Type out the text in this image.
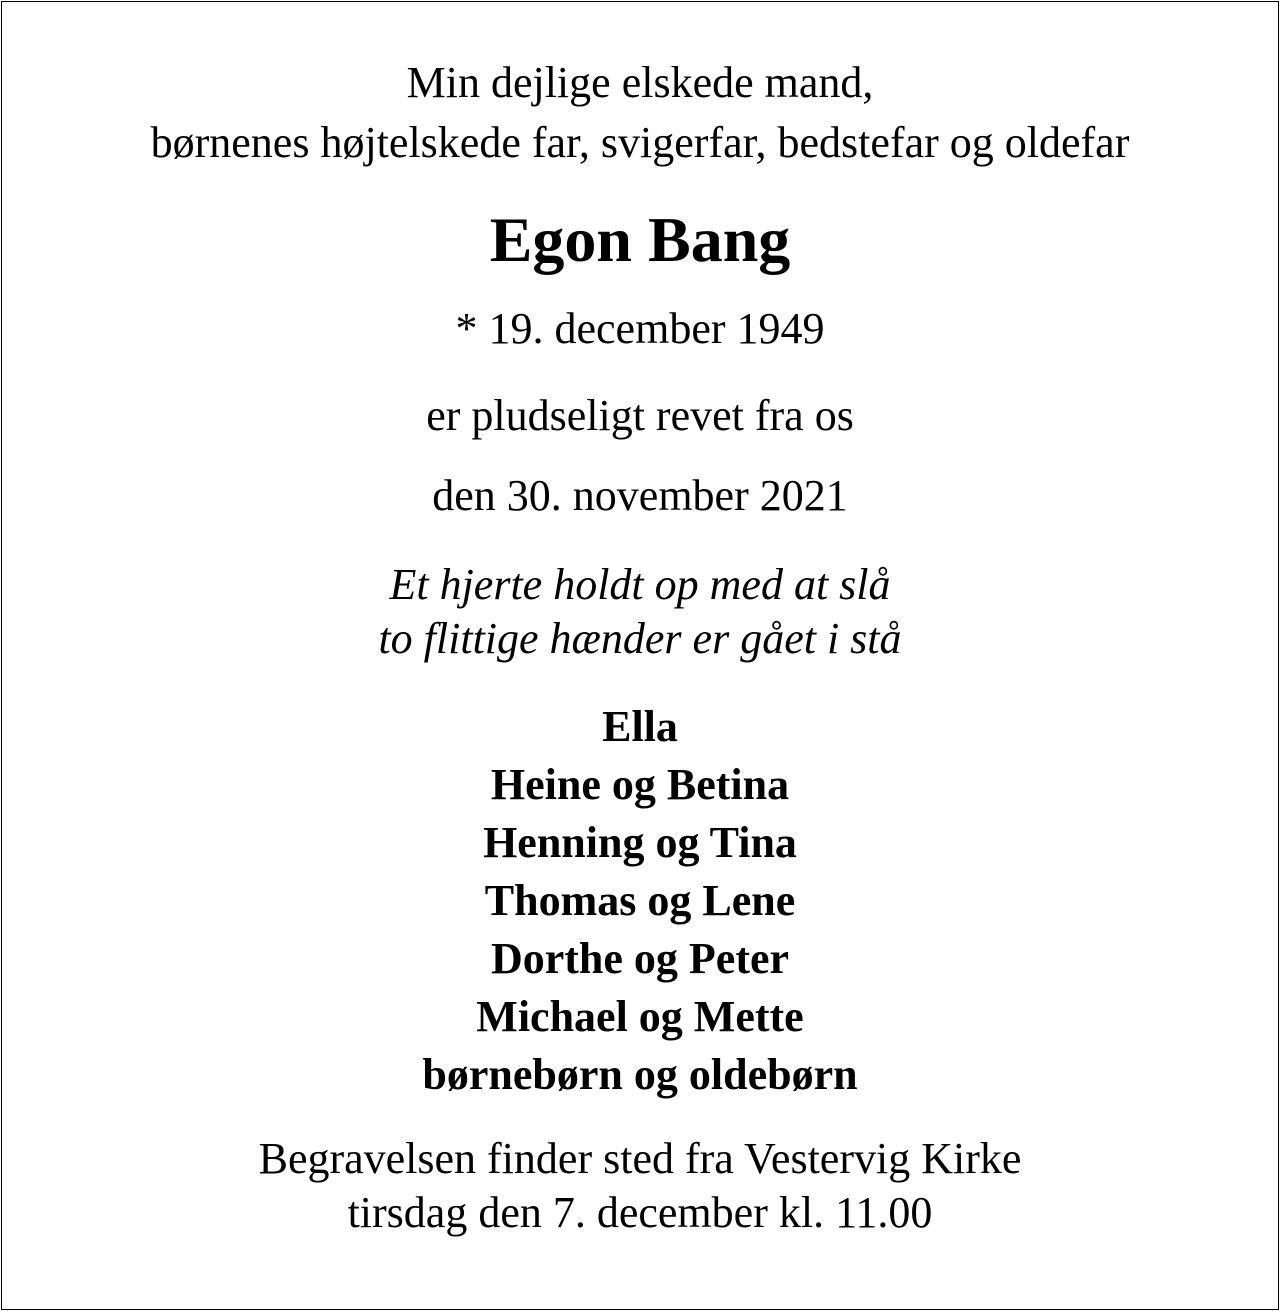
Min dejlige elskede mand,
børnenes højtelskede far, svigerfar, bedstefar og oldefar
Egon Bang
* 19. december 1949
er pludseligt revet fra os
den 30. november 2021
Et hjerte holdt op med at slå
to flittige hænder er gået i stå
Ella
Heine og Betina
Henning og Tina
Thomas og Lene
Dorthe og Peter
Michael og Mette
børnebørn og oldebørn
Begravelsen finder sted fra Vestervig Kirke
tirsdag den 7. december kl. 11.00
